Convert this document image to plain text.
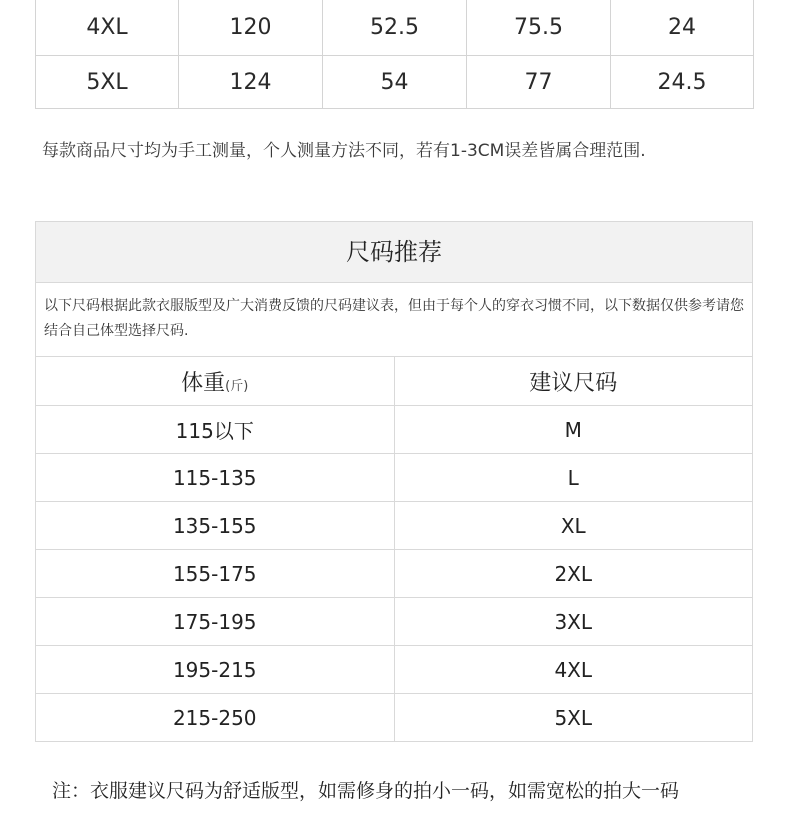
4XL	120	52.5	75.5	24
5XL	124	54	77	24.5
每款商品尺寸均为手工测量，个人测量方法不同，若有1-3CM误差皆属合理范围.
尺码推荐
以下尺码根据此款衣服版型及广大消费反馈的尺码建议表，但由于每个人的穿衣习惯不同，以下数据仅供参考请您结合自己体型选择尺码.
体重(斤)	建议尺码
115以下	M
115-135	L
135-155	XL
155-175	2XL
175-195	3XL
195-215	4XL
215-250	5XL
注：衣服建议尺码为舒适版型，如需修身的拍小一码，如需宽松的拍大一码
